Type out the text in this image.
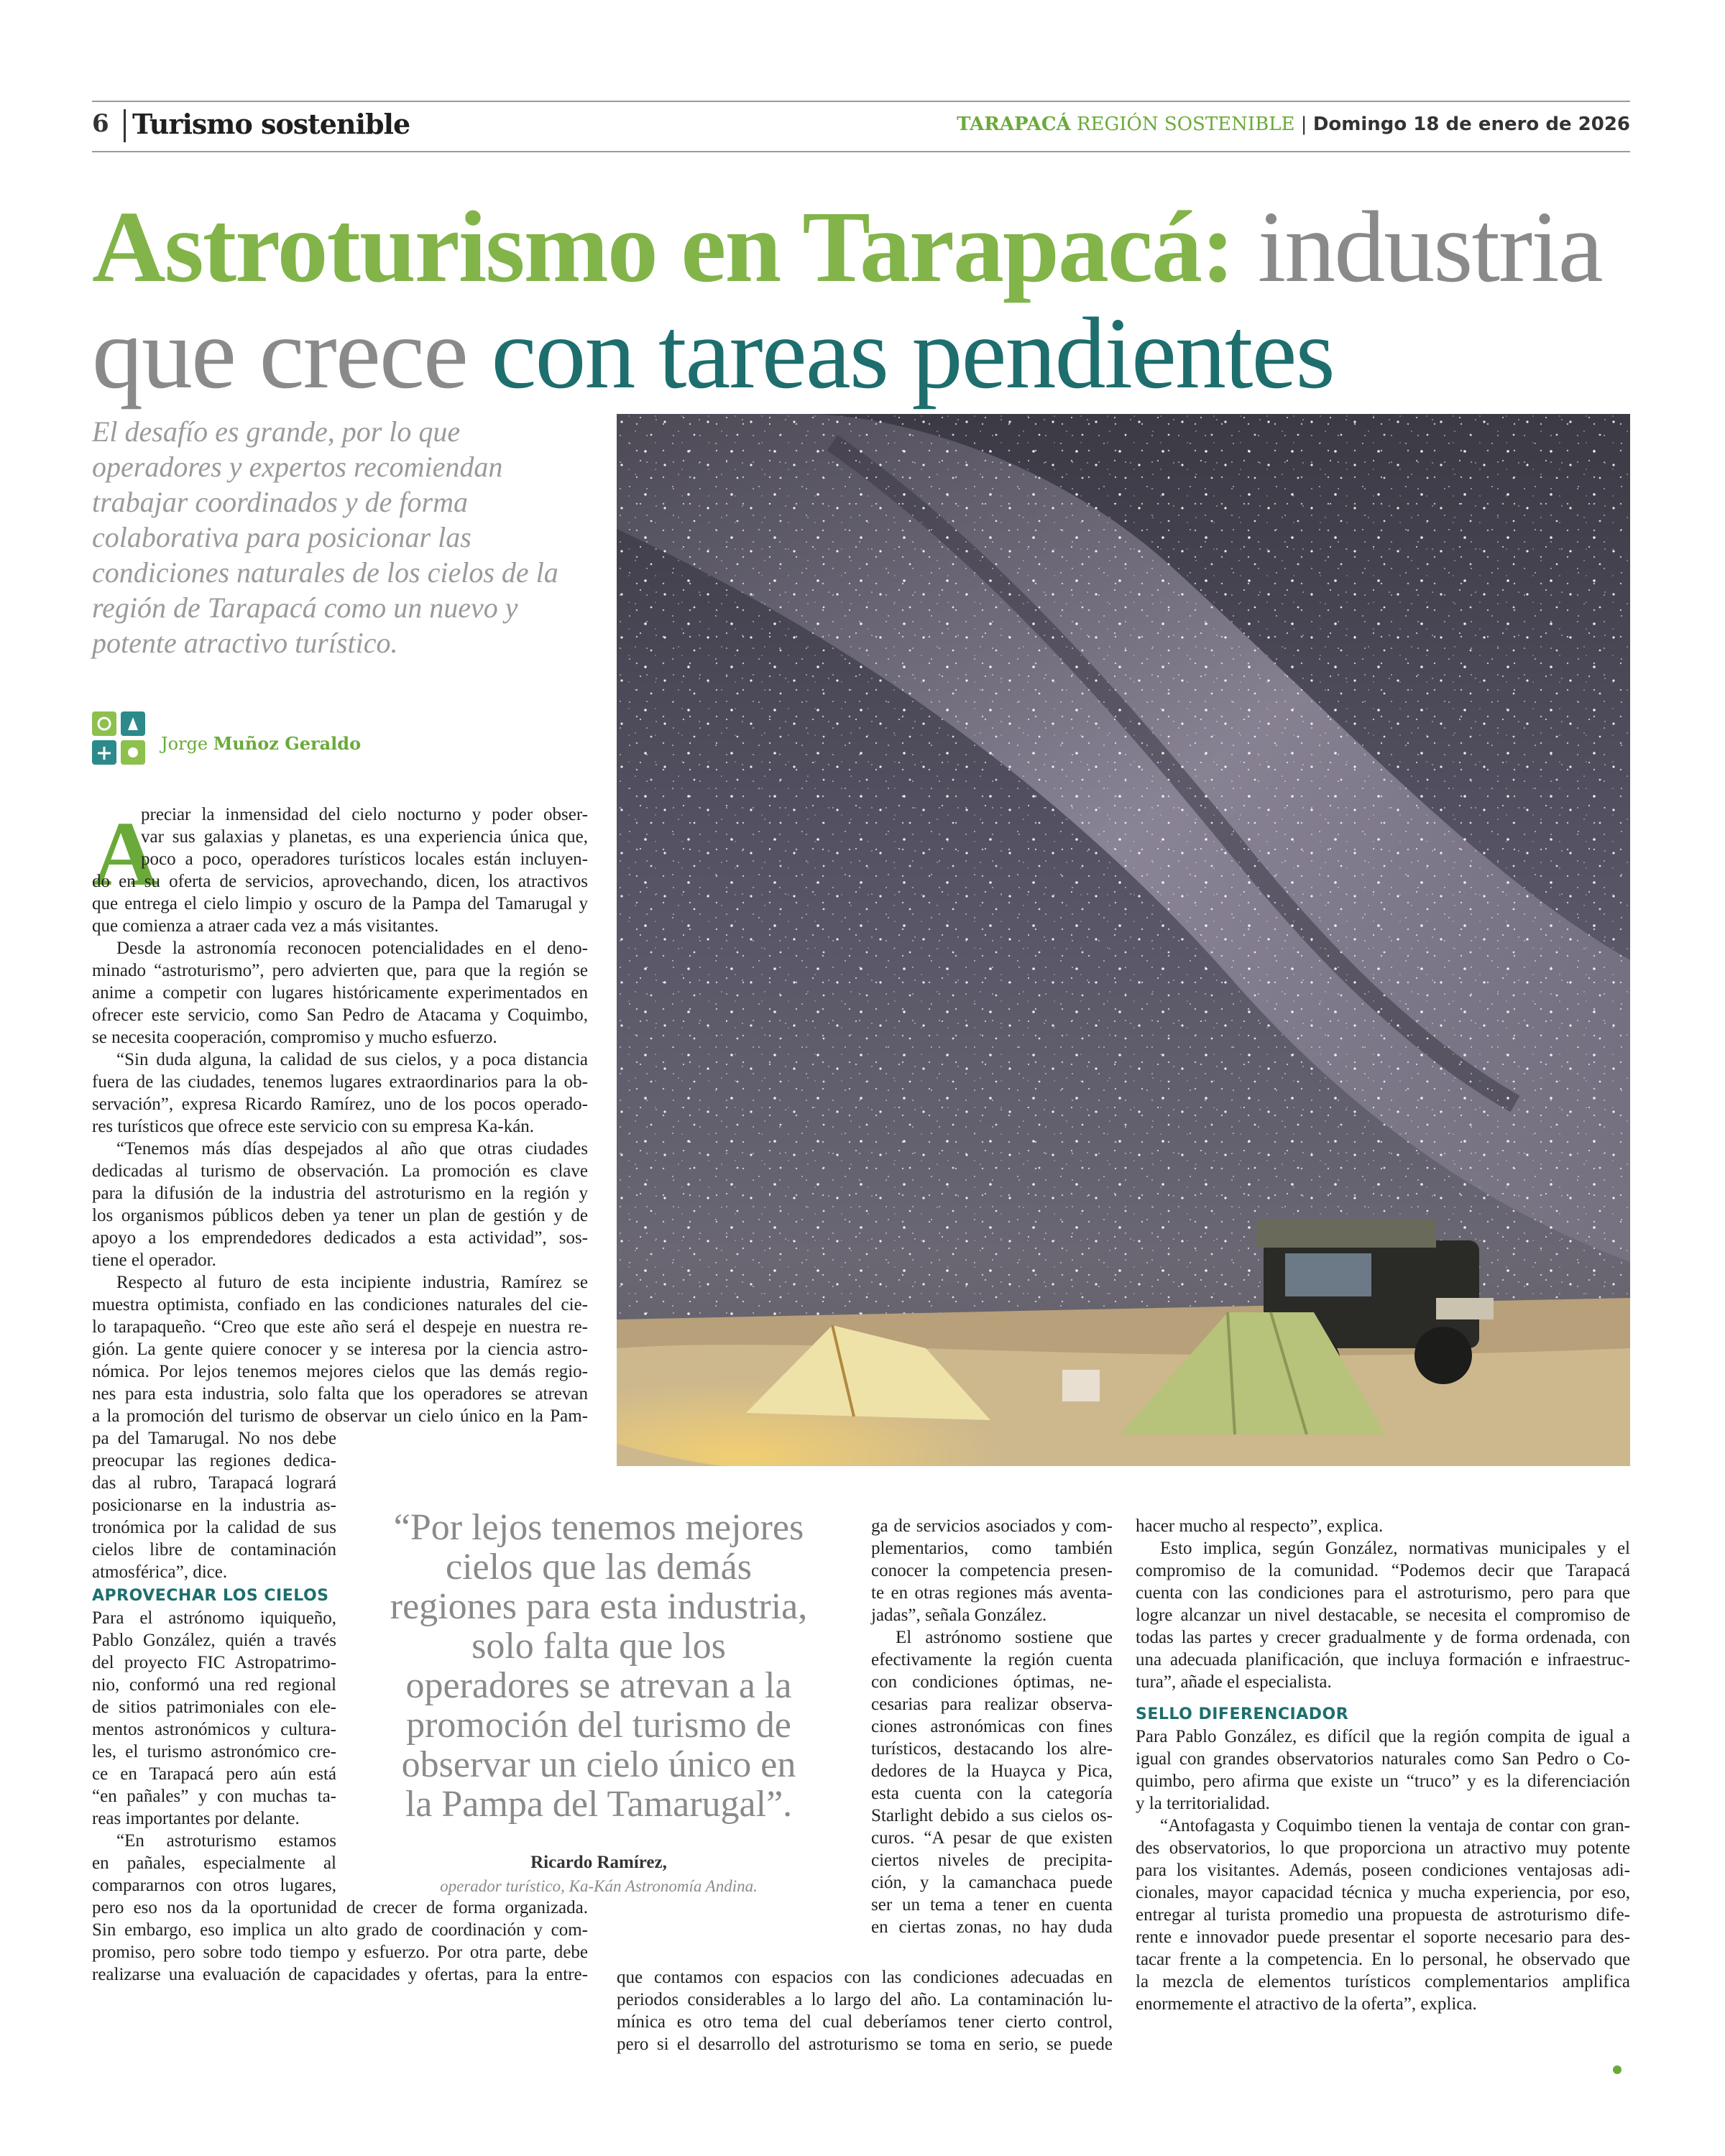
6 Turismo sostenible	TARAPACÁ REGIÓN SOSTENIBLE | Domingo 18 de enero de 2026
Astroturismo en Tarapacá: industria
que crece con tareas pendientes
El desafío es grande, por lo que
operadores y expertos recomiendan
trabajar coordinados y de forma
colaborativa para posicionar las
condiciones naturales de los cielos de la
región de Tarapacá como un nuevo y
potente atractivo turístico.
Jorge Muñoz Geraldo
A
preciar la inmensidad del cielo nocturno y poder obser-
var sus galaxias y planetas, es una experiencia única que,
poco a poco, operadores turísticos locales están incluyen-
do en su oferta de servicios, aprovechando, dicen, los atractivos
que entrega el cielo limpio y oscuro de la Pampa del Tamarugal y
que comienza a atraer cada vez a más visitantes.
Desde la astronomía reconocen potencialidades en el deno-
minado “astroturismo”, pero advierten que, para que la región se
anime a competir con lugares históricamente experimentados en
ofrecer este servicio, como San Pedro de Atacama y Coquimbo,
se necesita cooperación, compromiso y mucho esfuerzo.
“Sin duda alguna, la calidad de sus cielos, y a poca distancia
fuera de las ciudades, tenemos lugares extraordinarios para la ob-
servación”, expresa Ricardo Ramírez, uno de los pocos operado-
res turísticos que ofrece este servicio con su empresa Ka-kán.
“Tenemos más días despejados al año que otras ciudades
dedicadas al turismo de observación. La promoción es clave
para la difusión de la industria del astroturismo en la región y
los organismos públicos deben ya tener un plan de gestión y de
apoyo a los emprendedores dedicados a esta actividad”, sos-
tiene el operador.
Respecto al futuro de esta incipiente industria, Ramírez se
muestra optimista, confiado en las condiciones naturales del cie-
lo tarapaqueño. “Creo que este año será el despeje en nuestra re-
gión. La gente quiere conocer y se interesa por la ciencia astro-
nómica. Por lejos tenemos mejores cielos que las demás regio-
nes para esta industria, solo falta que los operadores se atrevan
a la promoción del turismo de observar un cielo único en la Pam-
pa del Tamarugal. No nos debe
preocupar las regiones dedica-
das al rubro, Tarapacá logrará
posicionarse en la industria as-
tronómica por la calidad de sus
cielos libre de contaminación
atmosférica”, dice.
APROVECHAR LOS CIELOS
Para el astrónomo iquiqueño,
Pablo González, quién a través
del proyecto FIC Astropatrimo-
nio, conformó una red regional
de sitios patrimoniales con ele-
mentos astronómicos y cultura-
les, el turismo astronómico cre-
ce en Tarapacá pero aún está
“en pañales” y con muchas ta-
reas importantes por delante.
“En astroturismo estamos
en pañales, especialmente al
compararnos con otros lugares,
pero eso nos da la oportunidad de crecer de forma organizada.
Sin embargo, eso implica un alto grado de coordinación y com-
promiso, pero sobre todo tiempo y esfuerzo. Por otra parte, debe
realizarse una evaluación de capacidades y ofertas, para la entre-
“Por lejos tenemos mejores
cielos que las demás
regiones para esta industria,
solo falta que los
operadores se atrevan a la
promoción del turismo de
observar un cielo único en
la Pampa del Tamarugal”.
Ricardo Ramírez,
operador turístico, Ka-Kán Astronomía Andina.
ga de servicios asociados y com-
plementarios, como también
conocer la competencia presen-
te en otras regiones más aventa-
jadas”, señala González.
El astrónomo sostiene que
efectivamente la región cuenta
con condiciones óptimas, ne-
cesarias para realizar observa-
ciones astronómicas con fines
turísticos, destacando los alre-
dedores de la Huayca y Pica,
esta cuenta con la categoría
Starlight debido a sus cielos os-
curos. “A pesar de que existen
ciertos niveles de precipita-
ción, y la camanchaca puede
ser un tema a tener en cuenta
en ciertas zonas, no hay duda
que contamos con espacios con las condiciones adecuadas en
periodos considerables a lo largo del año. La contaminación lu-
mínica es otro tema del cual deberíamos tener cierto control,
pero si el desarrollo del astroturismo se toma en serio, se puede
hacer mucho al respecto”, explica.
Esto implica, según González, normativas municipales y el
compromiso de la comunidad. “Podemos decir que Tarapacá
cuenta con las condiciones para el astroturismo, pero para que
logre alcanzar un nivel destacable, se necesita el compromiso de
todas las partes y crecer gradualmente y de forma ordenada, con
una adecuada planificación, que incluya formación e infraestruc-
tura”, añade el especialista.
SELLO DIFERENCIADOR
Para Pablo González, es difícil que la región compita de igual a
igual con grandes observatorios naturales como San Pedro o Co-
quimbo, pero afirma que existe un “truco” y es la diferenciación
y la territorialidad.
“Antofagasta y Coquimbo tienen la ventaja de contar con gran-
des observatorios, lo que proporciona un atractivo muy potente
para los visitantes. Además, poseen condiciones ventajosas adi-
cionales, mayor capacidad técnica y mucha experiencia, por eso,
entregar al turista promedio una propuesta de astroturismo dife-
rente e innovador puede presentar el soporte necesario para des-
tacar frente a la competencia. En lo personal, he observado que
la mezcla de elementos turísticos complementarios amplifica
enormemente el atractivo de la oferta”, explica.
